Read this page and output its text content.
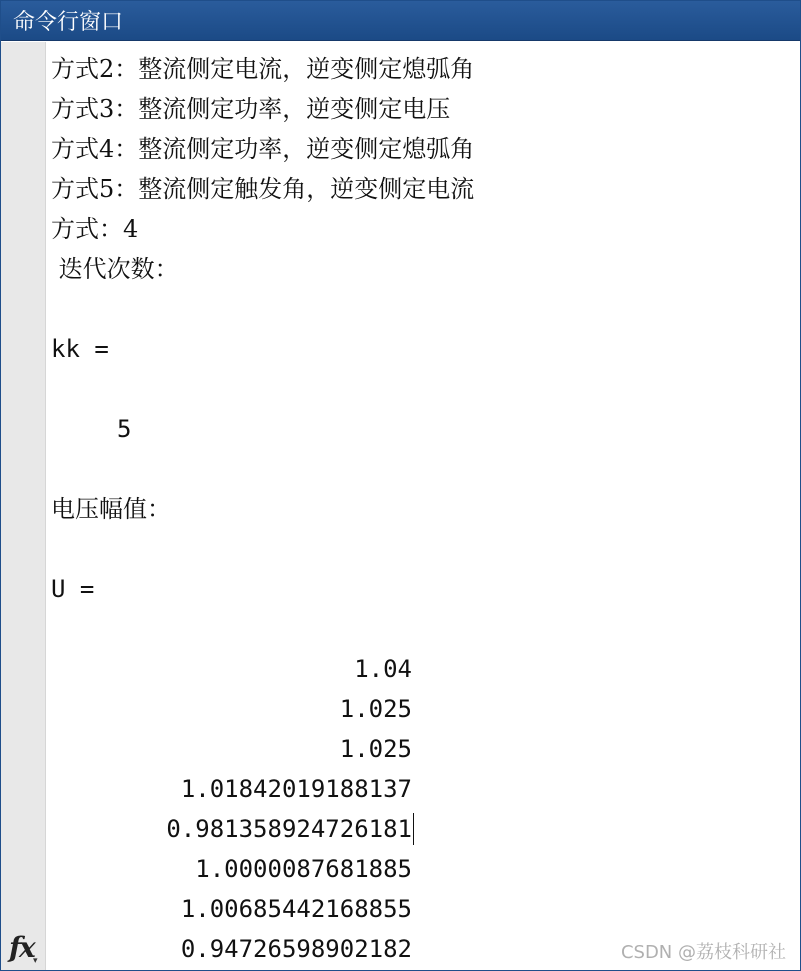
命令行窗口
fx ▾
方式2：整流侧定电流，逆变侧定熄弧角
方式3：整流侧定功率，逆变侧定电压
方式4：整流侧定功率，逆变侧定熄弧角
方式5：整流侧定触发角，逆变侧定电流
方式：4
迭代次数：
kk =
5
电压幅值：
U =
1.04
1.025
1.025
1.01842019188137
0.981358924726181
1.0000087681885
1.00685442168855
0.94726598902182	CSDN @荔枝科研社
